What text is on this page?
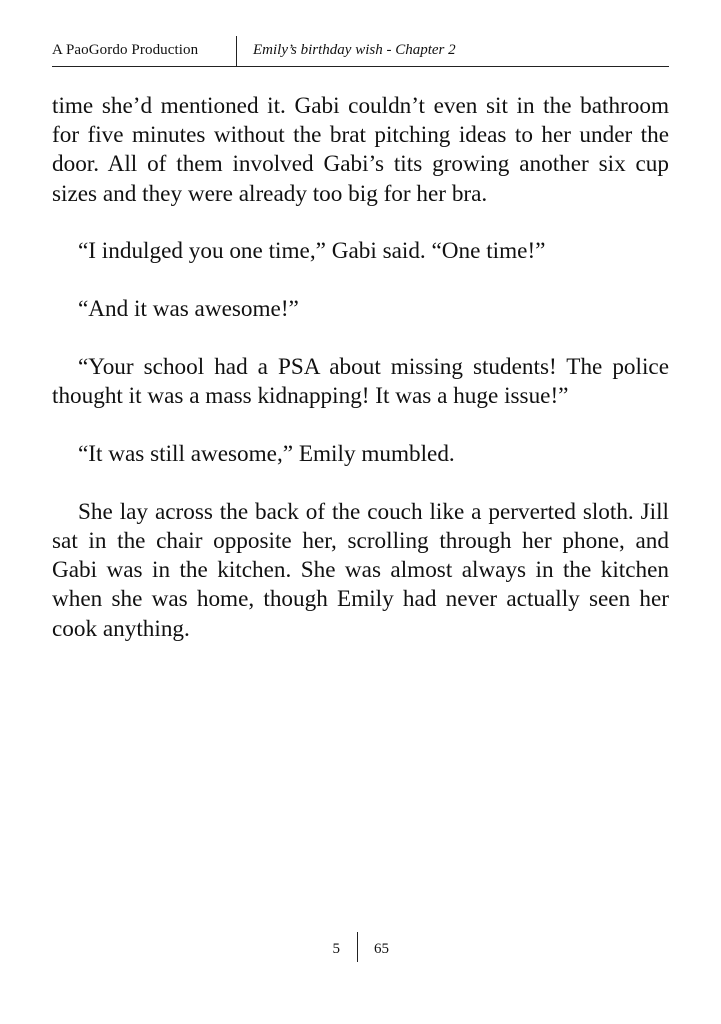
A PaoGordo Production	Emily’s birthday wish - Chapter 2

time she’d mentioned it. Gabi couldn’t even sit in the bathroom for five minutes without the brat pitching ideas to her under the door. All of them involved Gabi’s tits growing another six cup sizes and they were already too big for her bra.

“I indulged you one time,” Gabi said. “One time!”

“And it was awesome!”

“Your school had a PSA about missing students! The police thought it was a mass kidnapping! It was a huge issue!”

“It was still awesome,” Emily mumbled.

She lay across the back of the couch like a perverted sloth. Jill sat in the chair opposite her, scrolling through her phone, and Gabi was in the kitchen. She was almost always in the kitchen when she was home, though Emily had never actually seen her cook anything.

5 65
